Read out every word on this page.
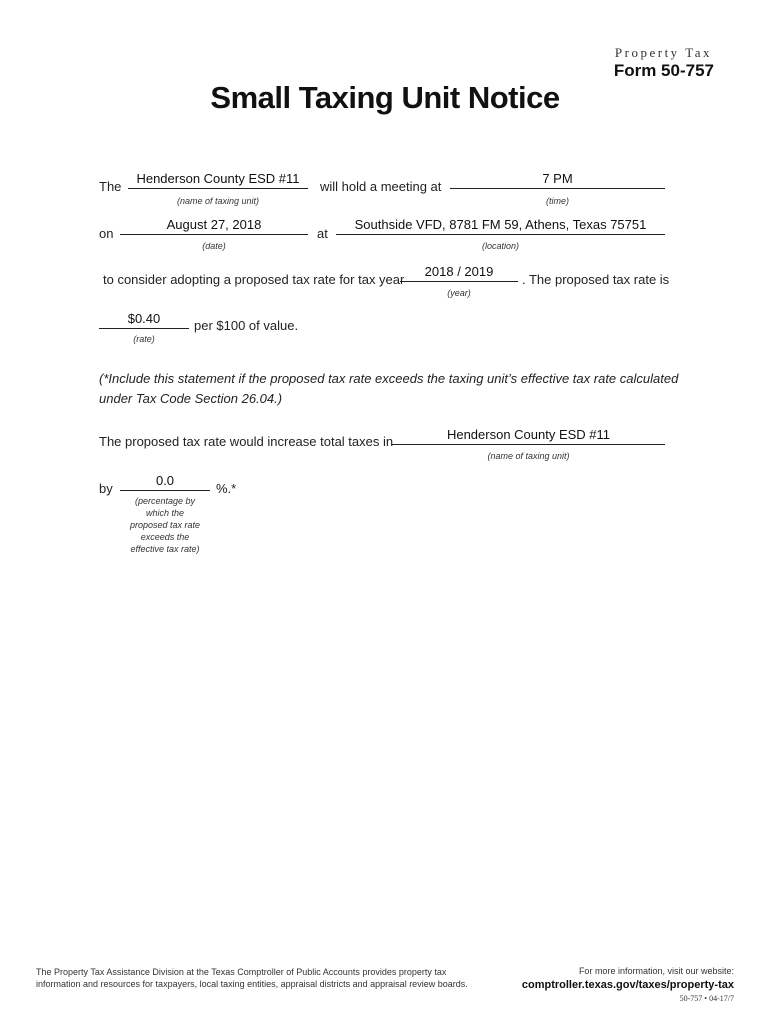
Property Tax
Form 50-757
Small Taxing Unit Notice
The
Henderson County ESD #11
(name of taxing unit)
will hold a meeting at
7 PM
(time)
on
August 27, 2018
(date)
at
Southside VFD, 8781 FM 59, Athens, Texas 75751
(location)
to consider adopting a proposed tax rate for tax year
2018 / 2019
(year)
. The proposed tax rate is
$0.40
(rate)
per $100 of value.
(*Include this statement if the proposed tax rate exceeds the taxing unit’s effective tax rate calculated under Tax Code Section 26.04.)
The proposed tax rate would increase total taxes in	Henderson County ESD #11
(name of taxing unit)
by
0.0
%.*
(percentage by
which the
proposed tax rate
exceeds the
effective tax rate)
The Property Tax Assistance Division at the Texas Comptroller of Public Accounts provides property tax
information and resources for taxpayers, local taxing entities, appraisal districts and appraisal review boards.
For more information, visit our website:
comptroller.texas.gov/taxes/property-tax
50-757 • 04-17/7
